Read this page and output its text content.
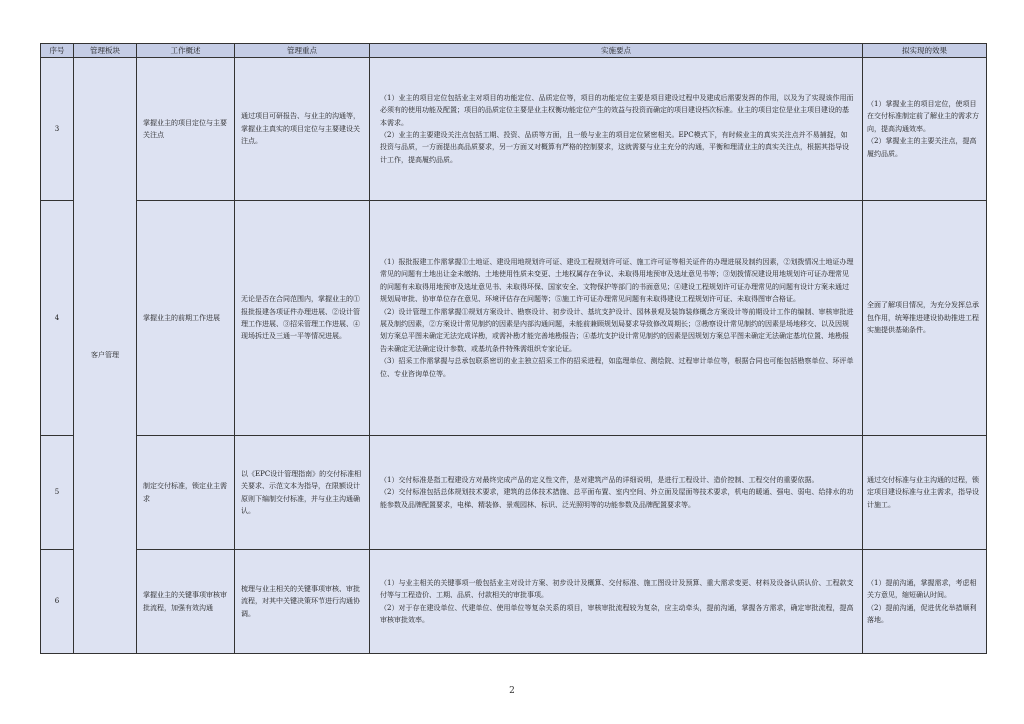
序号	管理板块	工作概述	管理重点	实施要点	拟实现的效果
3	客户管理	掌握业主的项目定位与主要关注点	通过项目可研报告、与业主的沟通等，掌握业主真实的项目定位与主要建设关注点。	（1）业主的项目定位包括业主对项目的功能定位、品质定位等，项目的功能定位主要是项目建设过程中及建成后需要发挥的作用，以及为了实现该作用而必须有的使用功能及配置；项目的品质定位主要是业主权衡功能定位产生的效益与投资而确定的项目建设档次标准。业主的项目定位是业主项目建设的基本需求。
（2）业主的主要建设关注点包括工期、投资、品质等方面，且一般与业主的项目定位紧密相关。EPC模式下，有时候业主的真实关注点并不易捕捉，如投资与品质，一方面提出高品质要求，另一方面又对概算有严格的控制要求，这就需要与业主充分的沟通，平衡和理清业主的真实关注点，根据其指导设计工作，提高履约品质。	（1）掌握业主的项目定位，使项目在交付标准制定前了解业主的需求方向，提高沟通效率。
（2）掌握业主的主要关注点，提高履约品质。

4		掌握业主的前期工作进展	无论是否在合同范围内，掌握业主的①报批报建各项证件办理进展、②设计管理工作进展、③招采管理工作进展、④现场拆迁及三通一平等情况进展。	（1）报批报建工作需掌握①土地证、建设用地规划许可证、建设工程规划许可证、施工许可证等相关证件的办理进展及制约因素，②划拨情况土地证办理常见的问题有土地出让金未缴纳、土地使用性质未变更、土地权属存在争议、未取得用地预审及选址意见书等；③划拨情况建设用地规划许可证办理常见的问题有未取得用地预审及选址意见书、未取得环保、国家安全、文物保护等部门的书面意见；④建设工程规划许可证办理常见的问题有设计方案未通过规划局审批、协审单位存在意见、环境评估存在问题等；⑤施工许可证办理常见问题有未取得建设工程规划许可证、未取得图审合格证。
（2）设计管理工作需掌握①规划方案设计、勘察设计、初步设计、基坑支护设计、园林景观及装饰装修概念方案设计等前期设计工作的编制、审核审批进展及制约因素，②方案设计常见制约的因素是内部沟通问题，未能前兼顾规划局要求导致修改周期长；③勘察设计常见制约的因素是场地移交、以及因规划方案总平图未确定无法完成详勘，或需补勘才能完善地勘报告；④基坑支护设计常见制约的因素是因规划方案总平图未确定无法确定基坑位置、地勘报告未确定无法确定设计参数、或基坑条件特殊需组织专家论证。
（3）招采工作需掌握与总承包联系密切的业主独立招采工作的招采进程，如监理单位、测绘院、过程审计单位等，根据合同也可能包括勘察单位、环评单位、专业咨询单位等。	全面了解项目情况，为充分发挥总承包作用，统筹推进建设协助推进工程实施提供基础条件。

5		制定交付标准，锁定业主需求	以《EPC设计管理指南》的交付标准相关要求、示范文本为指导，在限额设计原则下编制交付标准，并与业主沟通确认。	（1）交付标准是指工程建设方对最终完成产品的定义性文件，是对建筑产品的详细说明，是进行工程设计、造价控制、工程交付的重要依据。
（2）交付标准包括总体规划技术要求，建筑的总体技术措施、总平面布置、室内空间、外立面及屋面等技术要求，机电的暖通、强电、弱电、给排水的功能参数及品牌配置要求，电梯、精装修、景观园林、标识、泛光照明等的功能参数及品牌配置要求等。	通过交付标准与业主沟通的过程，锁定项目建设标准与业主需求，指导设计施工。

6		掌握业主的关键事项审核审批流程，加强有效沟通	梳理与业主相关的关键事项审核、审批流程，对其中关键决策环节进行沟通协调。	（1）与业主相关的关键事项一般包括业主对设计方案、初步设计及概算、交付标准、施工图设计及预算、重大需求变更、材料及设备认质认价、工程款支付等与工程造价、工期、品质、付款相关的审批事项。
（2）对于存在建设单位、代建单位、使用单位等复杂关系的项目，审核审批流程较为复杂，应主动牵头，提前沟通，掌握各方需求，确定审批流程，提高审核审批效率。	（1）提前沟通，掌握需求，考虑相关方意见，缩短确认时间。
（2）提前沟通，促进优化举措顺利落地。
2
